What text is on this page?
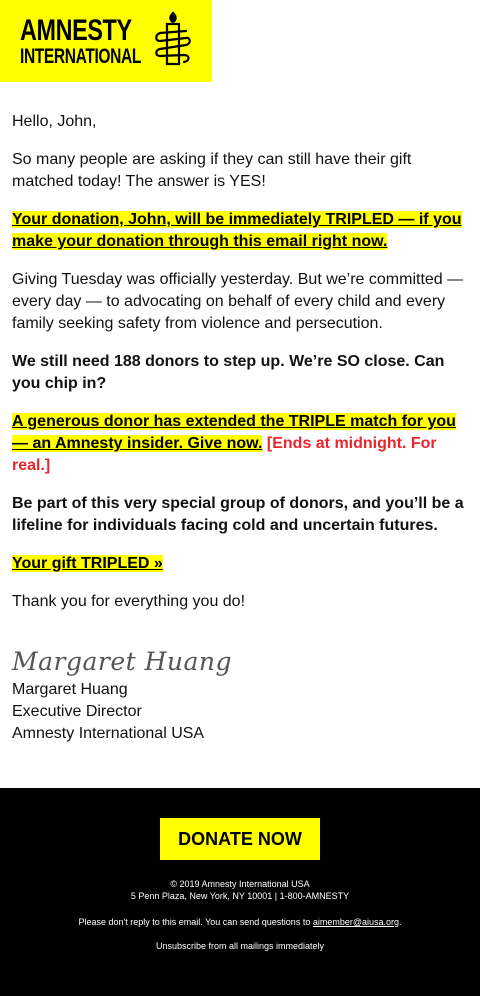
AMNESTY
INTERNATIONAL

Hello, John,

So many people are asking if they can still have their gift matched today! The answer is YES!

Your donation, John, will be immediately TRIPLED — if you make your donation through this email right now.

Giving Tuesday was officially yesterday. But we’re committed — every day — to advocating on behalf of every child and every family seeking safety from violence and persecution.

We still need 188 donors to step up. We’re SO close. Can you chip in?

A generous donor has extended the TRIPLE match for you — an Amnesty insider. Give now. [Ends at midnight. For real.]

Be part of this very special group of donors, and you’ll be a lifeline for individuals facing cold and uncertain futures.

Your gift TRIPLED »

Thank you for everything you do!

Margaret Huang
Margaret Huang
Executive Director
Amnesty International USA
DONATE NOW
© 2019 Amnesty International USA
5 Penn Plaza, New York, NY 10001 | 1-800-AMNESTY
Please don't reply to this email. You can send questions to aimember@aiusa.org.
Unsubscribe from all mailings immediately
